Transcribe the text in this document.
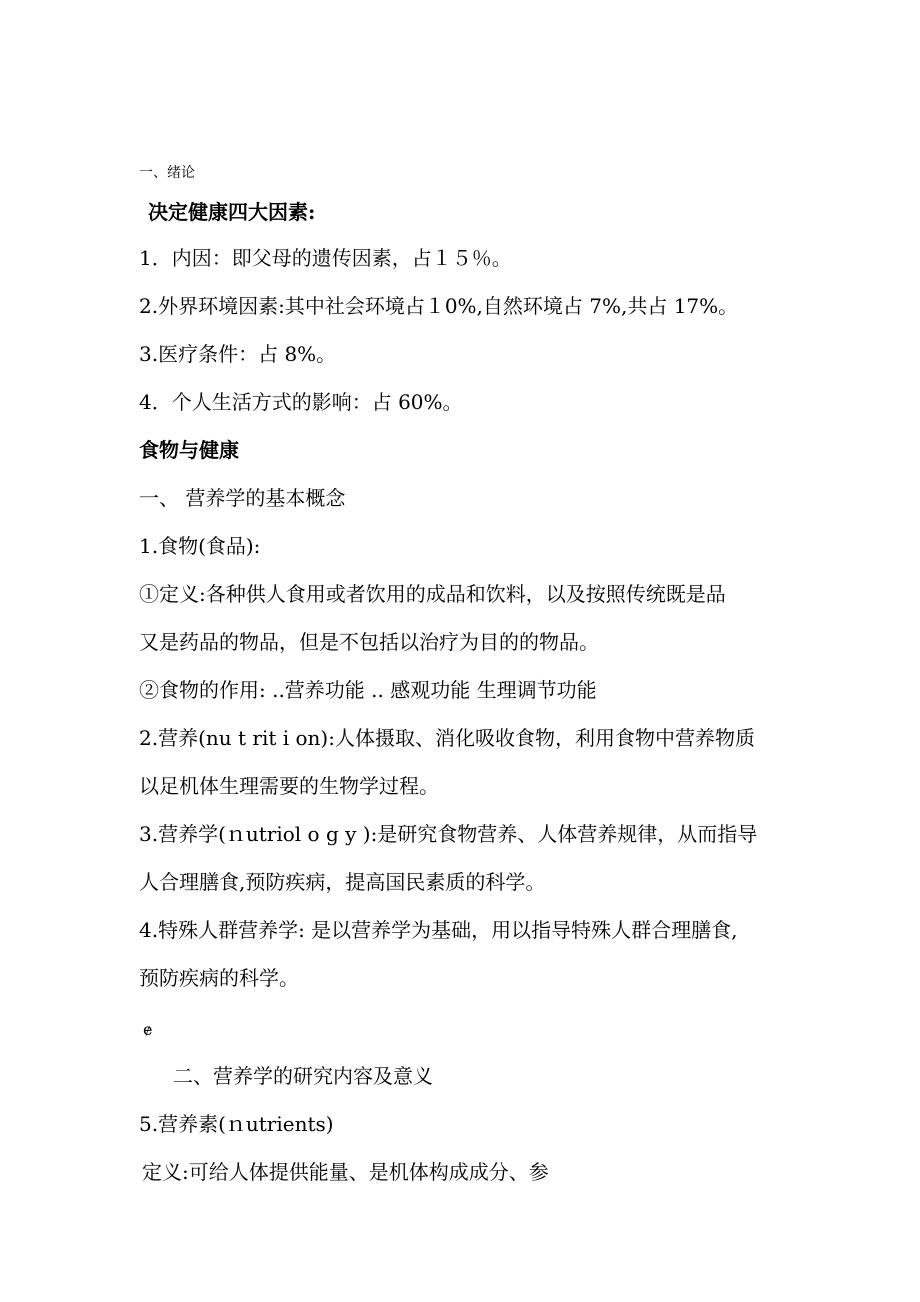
一、绪论
决定健康四大因素:
1．内因：即父母的遗传因素，占１５％。
2.外界环境因素:其中社会环境占１0%,自然环境占 7%,共占 17%。
3.医疗条件：占 8%。
4．个人生活方式的影响：占 60%。
食物与健康
一、 营养学的基本概念
1.食物(食品):
①定义:各种供人食用或者饮用的成品和饮料，以及按照传统既是品
又是药品的物品，但是不包括以治疗为目的的物品。
②食物的作用: ..营养功能 .. 感观功能 生理调节功能
2.营养(nu t rit i on):人体摄取、消化吸收食物，利用食物中营养物质
以足机体生理需要的生物学过程。
3.营养学(ｎutriol o g y ):是研究食物营养、人体营养规律，从而指导
人合理膳食,预防疾病，提高国民素质的科学。
4.特殊人群营养学: 是以营养学为基础，用以指导特殊人群合理膳食,
预防疾病的科学。
ɇ
二、营养学的研究内容及意义
5.营养素(ｎutrients)
定义:可给人体提供能量、是机体构成成分、参
